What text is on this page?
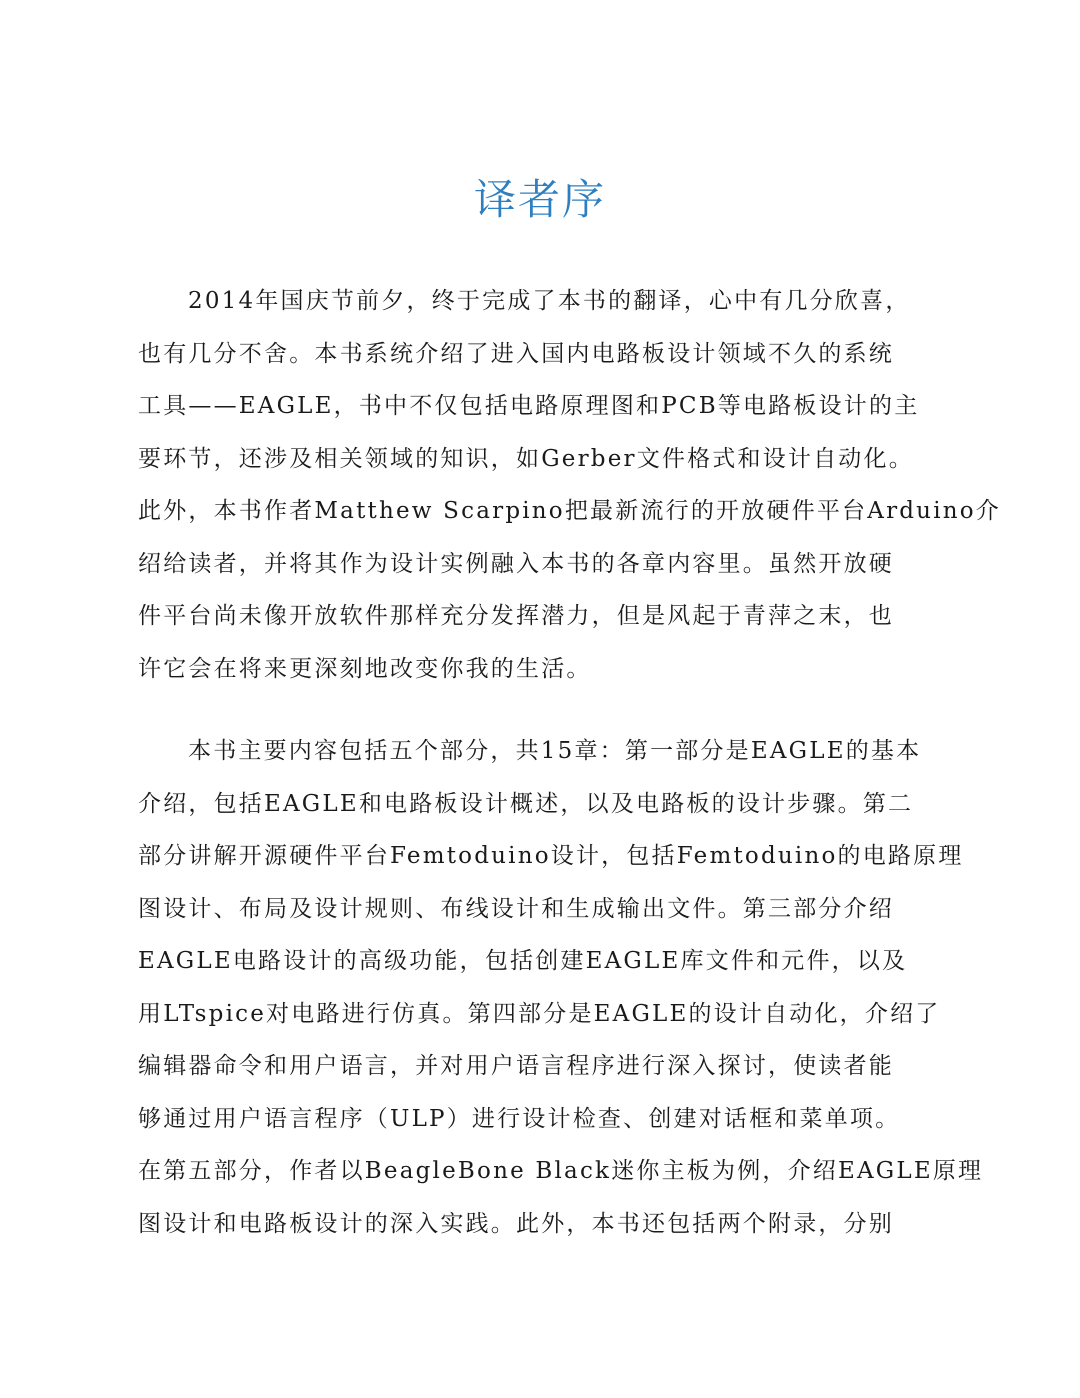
译者序
2014年国庆节前夕，终于完成了本书的翻译，心中有几分欣喜，
也有几分不舍。本书系统介绍了进入国内电路板设计领域不久的系统
工具——EAGLE，书中不仅包括电路原理图和PCB等电路板设计的主
要环节，还涉及相关领域的知识，如Gerber文件格式和设计自动化。
此外，本书作者Matthew Scarpino把最新流行的开放硬件平台Arduino介
绍给读者，并将其作为设计实例融入本书的各章内容里。虽然开放硬
件平台尚未像开放软件那样充分发挥潜力，但是风起于青萍之末，也
许它会在将来更深刻地改变你我的生活。
本书主要内容包括五个部分，共15章：第一部分是EAGLE的基本
介绍，包括EAGLE和电路板设计概述，以及电路板的设计步骤。第二
部分讲解开源硬件平台Femtoduino设计，包括Femtoduino的电路原理
图设计、布局及设计规则、布线设计和生成输出文件。第三部分介绍
EAGLE电路设计的高级功能，包括创建EAGLE库文件和元件，以及
用LTspice对电路进行仿真。第四部分是EAGLE的设计自动化，介绍了
编辑器命令和用户语言，并对用户语言程序进行深入探讨，使读者能
够通过用户语言程序（ULP）进行设计检查、创建对话框和菜单项。
在第五部分，作者以BeagleBone Black迷你主板为例，介绍EAGLE原理
图设计和电路板设计的深入实践。此外，本书还包括两个附录，分别
